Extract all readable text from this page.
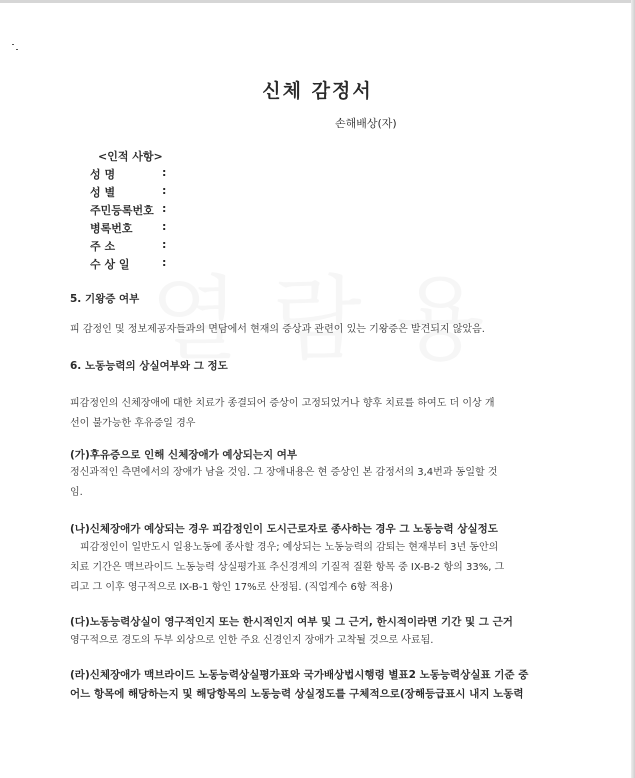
신체 감정서
손해배상(자)
<인적 사항>
성 명	:
성 별	:
주민등록번호 :
병록번호	:
주 소	:
수 상 일	:
5. 기왕증 여부
피 감정인 및 정보제공자들과의 면담에서 현재의 증상과 관련이 있는 기왕증은 발견되지 않았음.
6. 노동능력의 상실여부와 그 정도
피감정인의 신체장애에 대한 치료가 종결되어 증상이 고정되었거나 향후 치료를 하여도 더 이상 개
선이 불가능한 후유증일 경우
(가)후유증으로 인해 신체장애가 예상되는지 여부
정신과적인 측면에서의 장애가 남을 것임. 그 장애내용은 현 증상인 본 감정서의 3,4번과 동일할 것
임.
(나)신체장애가 예상되는 경우 피감정인이 도시근로자로 종사하는 경우 그 노동능력 상실정도
피감정인이 일반도시 일용노동에 종사할 경우; 예상되는 노동능력의 감퇴는 현재부터 3년 동안의
치료 기간은 맥브라이드 노동능력 상실평가표 추신경계의 기질적 질환 항목 중 IX-B-2 항의 33%, 그
리고 그 이후 영구적으로 IX-B-1 항인 17%로 산정됨. (직업계수 6항 적용)
(다)노동능력상실이 영구적인지 또는 한시적인지 여부 및 그 근거, 한시적이라면 기간 및 그 근거
영구적으로 경도의 두부 외상으로 인한 주요 신경인지 장애가 고착될 것으로 사료됨.
(라)신체장애가 맥브라이드 노동능력상실평가표와 국가배상법시행령 별표2 노동능력상실표 기준 중
어느 항목에 해당하는지 및 해당항목의 노동능력 상실정도를 구체적으로(장해등급표시 내지 노동력
